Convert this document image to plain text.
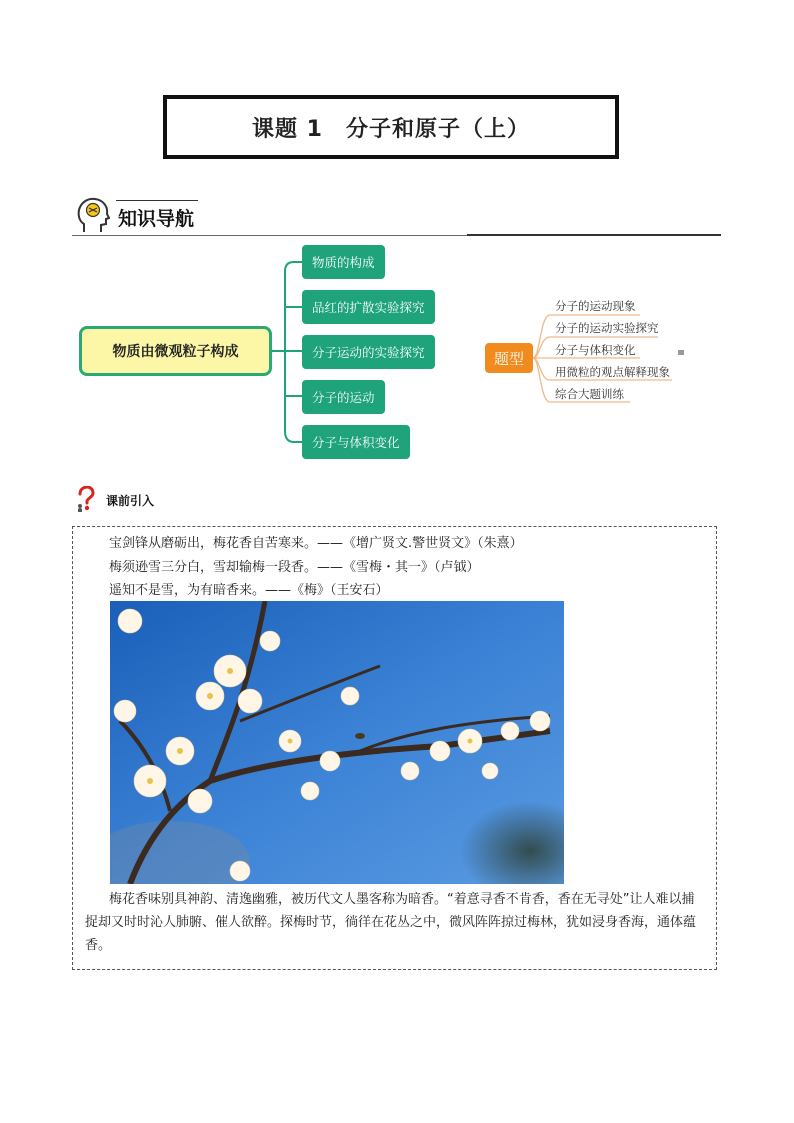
课题 1　分子和原子（上）
知识导航
物质由微观粒子构成
物质的构成
品红的扩散实验探究
分子运动的实验探究
分子的运动
分子与体积变化
题型
分子的运动现象
分子的运动实验探究
分子与体积变化
用微粒的观点解释现象
综合大题训练
课前引入
宝剑锋从磨砺出，梅花香自苦寒来。——《增广贤文.警世贤文》（朱熹）
梅须逊雪三分白，雪却输梅一段香。——《雪梅・其一》（卢钺）
遥知不是雪，为有暗香来。——《梅》（王安石）
梅花香味别具神韵、清逸幽雅，被历代文人墨客称为暗香。“着意寻香不肯香，香在无寻处”让人难以捕捉却又时时沁人肺腑、催人欲醉。探梅时节，徜徉在花丛之中，微风阵阵掠过梅林，犹如浸身香海，通体蕴香。
